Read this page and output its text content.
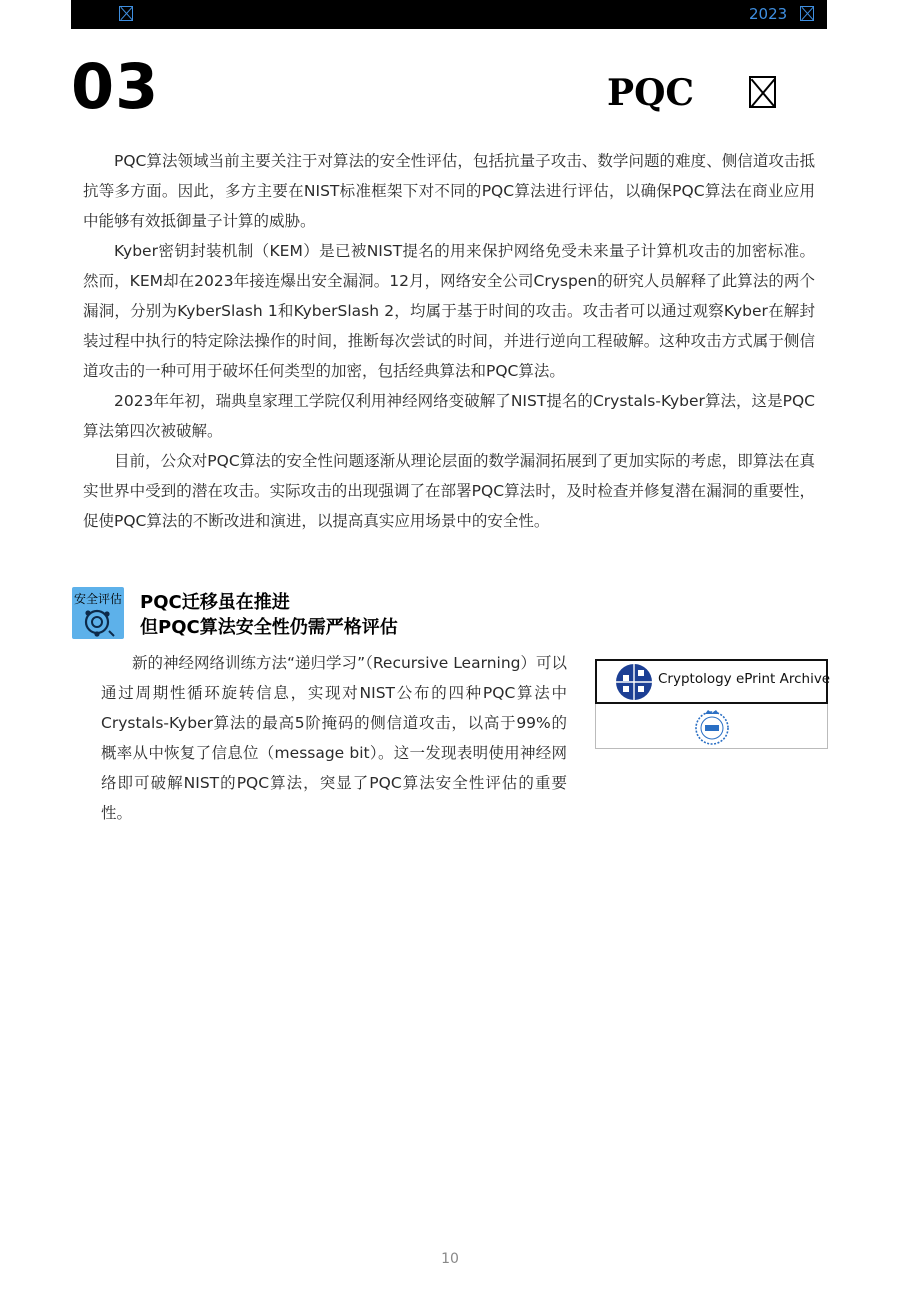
2023
03	PQC

PQC算法领域当前主要关注于对算法的安全性评估，包括抗量子攻击、数学问题的难度、侧信道攻击抵抗等多方面。因此，多方主要在NIST标准框架下对不同的PQC算法进行评估，以确保PQC算法在商业应用中能够有效抵御量子计算的威胁。

Kyber密钥封装机制（KEM）是已被NIST提名的用来保护网络免受未来量子计算机攻击的加密标准。然而，KEM却在2023年接连爆出安全漏洞。12月，网络安全公司Cryspen的研究人员解释了此算法的两个漏洞，分别为KyberSlash 1和KyberSlash 2，均属于基于时间的攻击。攻击者可以通过观察Kyber在解封装过程中执行的特定除法操作的时间，推断每次尝试的时间，并进行逆向工程破解。这种攻击方式属于侧信道攻击的一种可用于破坏任何类型的加密，包括经典算法和PQC算法。

2023年年初，瑞典皇家理工学院仅利用神经网络变破解了NIST提名的Crystals-Kyber算法，这是PQC算法第四次被破解。

目前，公众对PQC算法的安全性问题逐渐从理论层面的数学漏洞拓展到了更加实际的考虑，即算法在真实世界中受到的潜在攻击。实际攻击的出现强调了在部署PQC算法时，及时检查并修复潜在漏洞的重要性，促使PQC算法的不断改进和演进，以提高真实应用场景中的安全性。

安全评估 PQC迁移虽在推进
但PQC算法安全性仍需严格评估

新的神经网络训练方法“递归学习”（Recursive Learning）可以通过周期性循环旋转信息，实现对NIST公布的四种PQC算法中Crystals-Kyber算法的最高5阶掩码的侧信道攻击，以高于99%的概率从中恢复了信息位（message bit）。这一发现表明使用神经网络即可破解NIST的PQC算法，突显了PQC算法安全性评估的重要性。

Cryptology ePrint Archive
10
